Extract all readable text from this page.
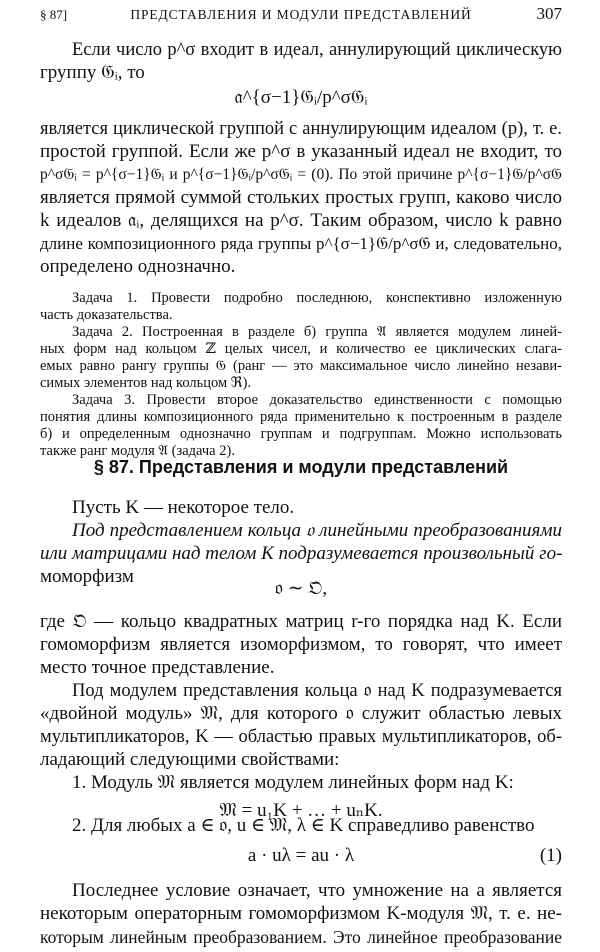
§ 87]	ПРЕДСТАВЛЕНИЯ И МОДУЛИ ПРЕДСТАВЛЕНИЙ	307
Если число p^σ входит в идеал, аннулирующий циклическую
группу 𝔊ᵢ, то
𝔞^{σ−1}𝔊ᵢ/p^σ𝔊ᵢ
является циклической группой с аннулирующим идеалом (p), т. е.
простой группой. Если же p^σ в указанный идеал не входит, то
p^σ𝔊ᵢ = p^{σ−1}𝔊ᵢ и p^{σ−1}𝔊ᵢ/p^σ𝔊ᵢ = (0). По этой причине p^{σ−1}𝔊/p^σ𝔊
является прямой суммой стольких простых групп, каково число
k идеалов 𝔞ᵢ, делящихся на p^σ. Таким образом, число k равно
длине композиционного ряда группы p^{σ−1}𝔊/p^σ𝔊 и, следовательно,
определено однозначно.
Задача 1. Провести подробно последнюю, конспективно изложенную
часть доказательства.
Задача 2. Построенная в разделе б) группа 𝔄 является модулем линей-
ных форм над кольцом ℤ целых чисел, и количество ее циклических слага-
емых равно рангу группы 𝔊 (ранг — это максимальное число линейно незави-
симых элементов над кольцом ℜ).
Задача 3. Провести второе доказательство единственности с помощью
понятия длины композиционного ряда применительно к построенным в разделе
б) и определенным однозначно группам и подгруппам. Можно использовать
также ранг модуля 𝔄 (задача 2).
§ 87. Представления и модули представлений
Пусть K — некоторое тело.
Под представлением кольца 𝔬 линейными преобразованиями
или матрицами над телом K подразумевается произвольный го-
моморфизм
𝔬 ∼ 𝔒,
где 𝔒 — кольцо квадратных матриц r-го порядка над K. Если
гомоморфизм является изоморфизмом, то говорят, что имеет
место точное представление.
Под модулем представления кольца 𝔬 над K подразумевается
«двойной модуль» 𝔐, для которого 𝔬 служит областью левых
мультипликаторов, K — областью правых мультипликаторов, об-
ладающий следующими свойствами:
1. Модуль 𝔐 является модулем линейных форм над K:
𝔐 = u₁K + … + uₙK.
2. Для любых a ∈ 𝔬, u ∈ 𝔐, λ ∈ K справедливо равенство
a · uλ = au · λ	(1)
Последнее условие означает, что умножение на a является
некоторым операторным гомоморфизмом K-модуля 𝔐, т. е. не-
которым линейным преобразованием. Это линейное преобразование
